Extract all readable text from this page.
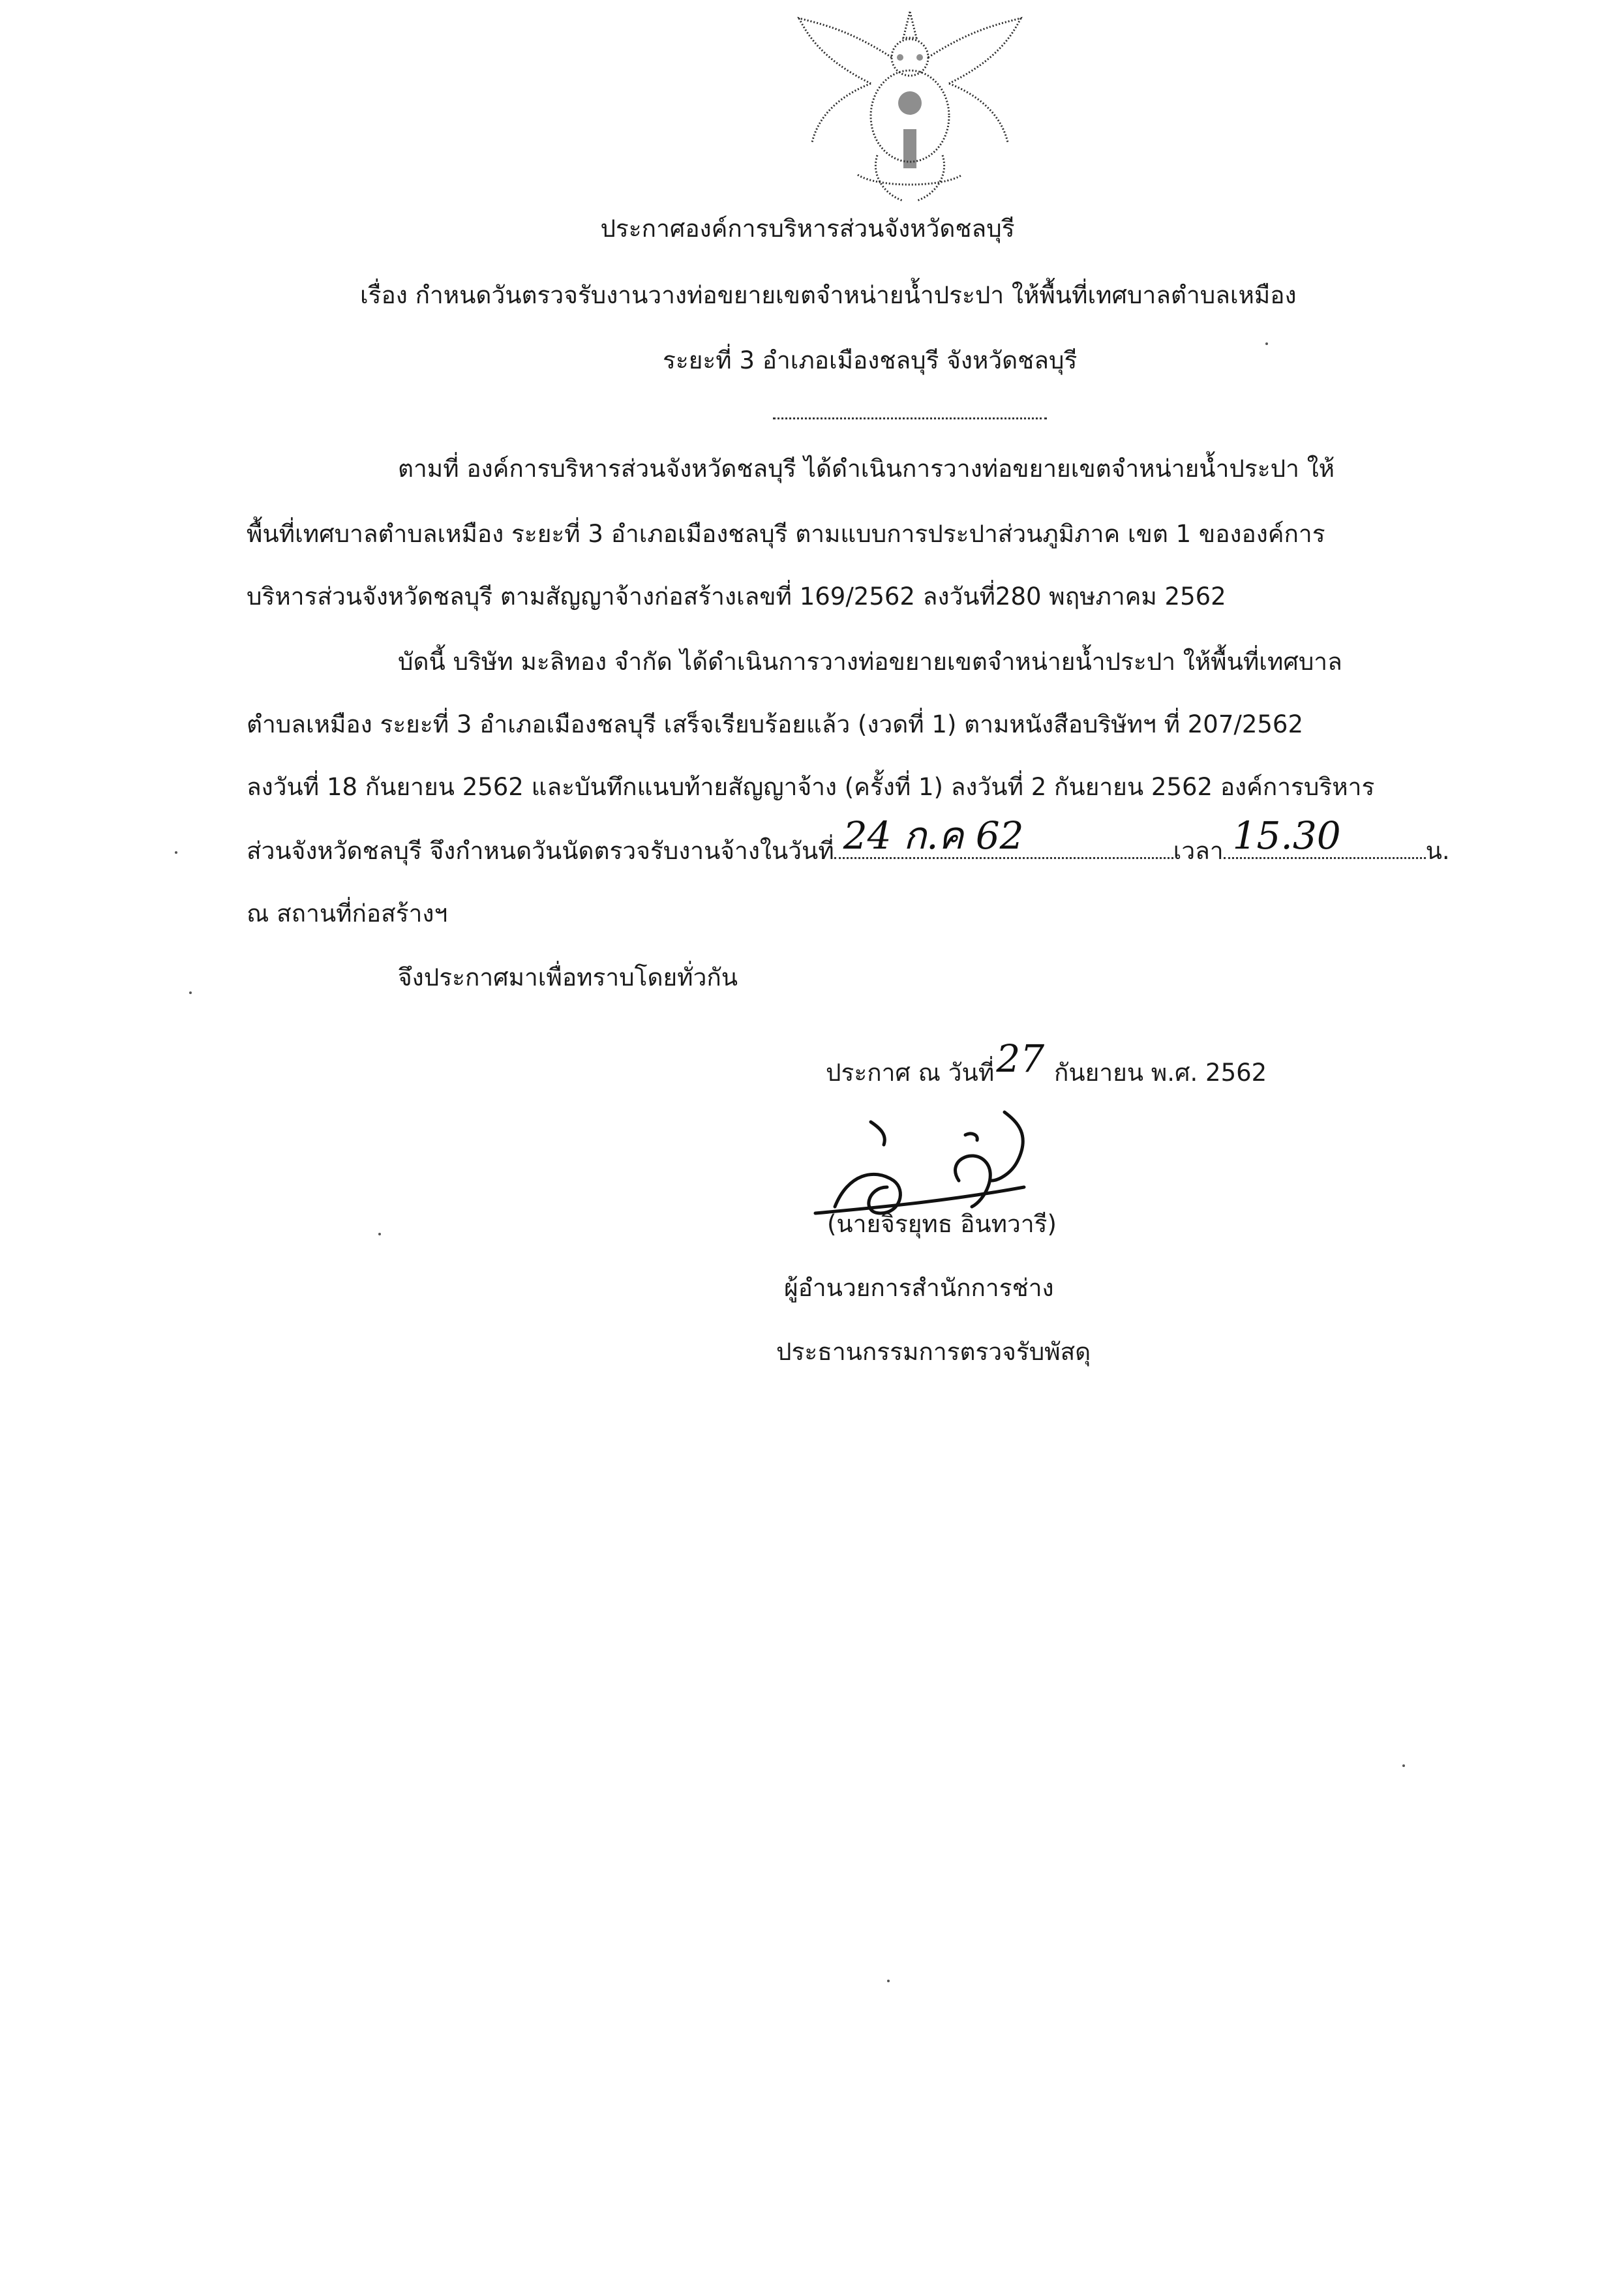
ประกาศองค์การบริหารส่วนจังหวัดชลบุรี
เรื่อง กำหนดวันตรวจรับงานวางท่อขยายเขตจำหน่ายน้ำประปา ให้พื้นที่เทศบาลตำบลเหมือง
ระยะที่ 3 อำเภอเมืองชลบุรี จังหวัดชลบุรี
ตามที่ องค์การบริหารส่วนจังหวัดชลบุรี ได้ดำเนินการวางท่อขยายเขตจำหน่ายน้ำประปา ให้
พื้นที่เทศบาลตำบลเหมือง ระยะที่ 3 อำเภอเมืองชลบุรี ตามแบบการประปาส่วนภูมิภาค เขต 1 ขององค์การ
บริหารส่วนจังหวัดชลบุรี ตามสัญญาจ้างก่อสร้างเลขที่ 169/2562 ลงวันที่280 พฤษภาคม 2562
บัดนี้ บริษัท มะลิทอง จำกัด ได้ดำเนินการวางท่อขยายเขตจำหน่ายน้ำประปา ให้พื้นที่เทศบาล
ตำบลเหมือง ระยะที่ 3 อำเภอเมืองชลบุรี เสร็จเรียบร้อยแล้ว (งวดที่ 1) ตามหนังสือบริษัทฯ ที่ 207/2562
ลงวันที่ 18 กันยายน 2562 และบันทึกแนบท้ายสัญญาจ้าง (ครั้งที่ 1) ลงวันที่ 2 กันยายน 2562 องค์การบริหาร
ส่วนจังหวัดชลบุรี จึงกำหนดวันนัดตรวจรับงานจ้างในวันที่ 24 ก.ค 62	เวลา 15.30	น.
ณ สถานที่ก่อสร้างฯ
จึงประกาศมาเพื่อทราบโดยทั่วกัน
ประกาศ ณ วันที่27 กันยายน พ.ศ. 2562
(นายจิรยุทธ อินทวารี)
ผู้อำนวยการสำนักการช่าง
ประธานกรรมการตรวจรับพัสดุ
